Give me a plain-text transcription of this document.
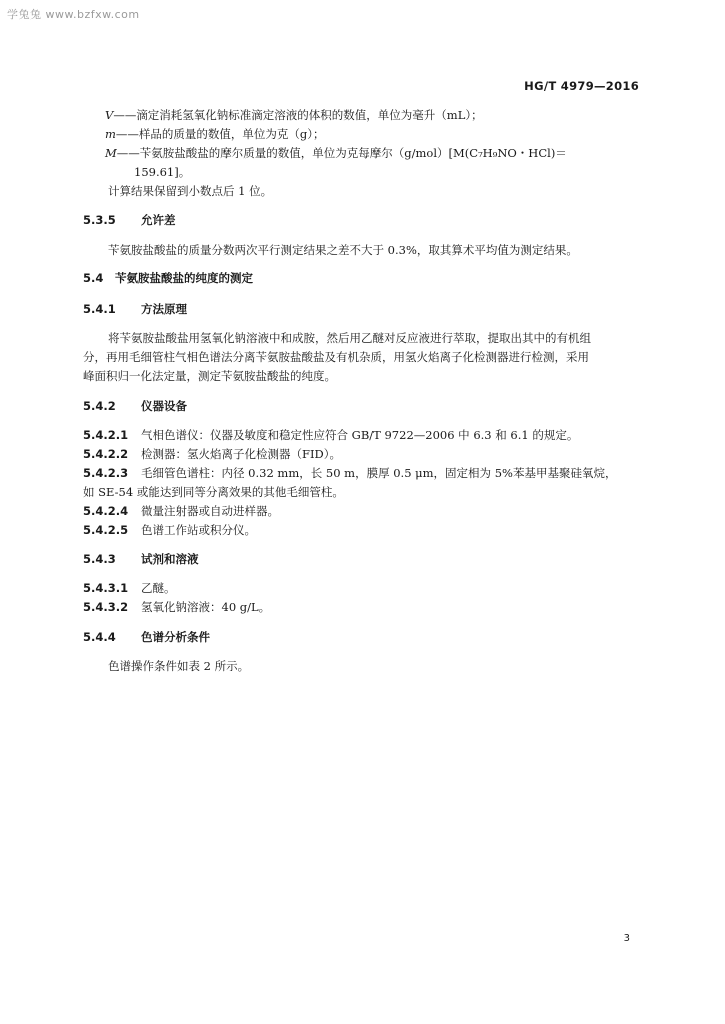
学兔兔 www.bzfxw.com
HG/T 4979—2016
V——滴定消耗氢氧化钠标准滴定溶液的体积的数值，单位为毫升（mL）；
m——样品的质量的数值，单位为克（g）；
M——苄氨胺盐酸盐的摩尔质量的数值，单位为克每摩尔（g/mol）[M(C₇H₉NO・HCl)＝
159.61]。
计算结果保留到小数点后 1 位。
5.3.5 允许差
苄氨胺盐酸盐的质量分数两次平行测定结果之差不大于 0.3%，取其算术平均值为测定结果。
5.4 苄氨胺盐酸盐的纯度的测定
5.4.1 方法原理
将苄氨胺盐酸盐用氢氧化钠溶液中和成胺，然后用乙醚对反应液进行萃取，提取出其中的有机组
分，再用毛细管柱气相色谱法分离苄氨胺盐酸盐及有机杂质，用氢火焰离子化检测器进行检测，采用
峰面积归一化法定量，测定苄氨胺盐酸盐的纯度。
5.4.2 仪器设备
5.4.2.1 气相色谱仪：仪器及敏度和稳定性应符合 GB/T 9722—2006 中 6.3 和 6.1 的规定。
5.4.2.2 检测器：氢火焰离子化检测器（FID）。
5.4.2.3 毛细管色谱柱：内径 0.32 mm，长 50 m，膜厚 0.5 μm，固定相为 5%苯基甲基聚硅氧烷，
如 SE-54 或能达到同等分离效果的其他毛细管柱。
5.4.2.4 微量注射器或自动进样器。
5.4.2.5 色谱工作站或积分仪。
5.4.3 试剂和溶液
5.4.3.1 乙醚。
5.4.3.2 氢氧化钠溶液：40 g/L。
5.4.4 色谱分析条件
色谱操作条件如表 2 所示。
3
